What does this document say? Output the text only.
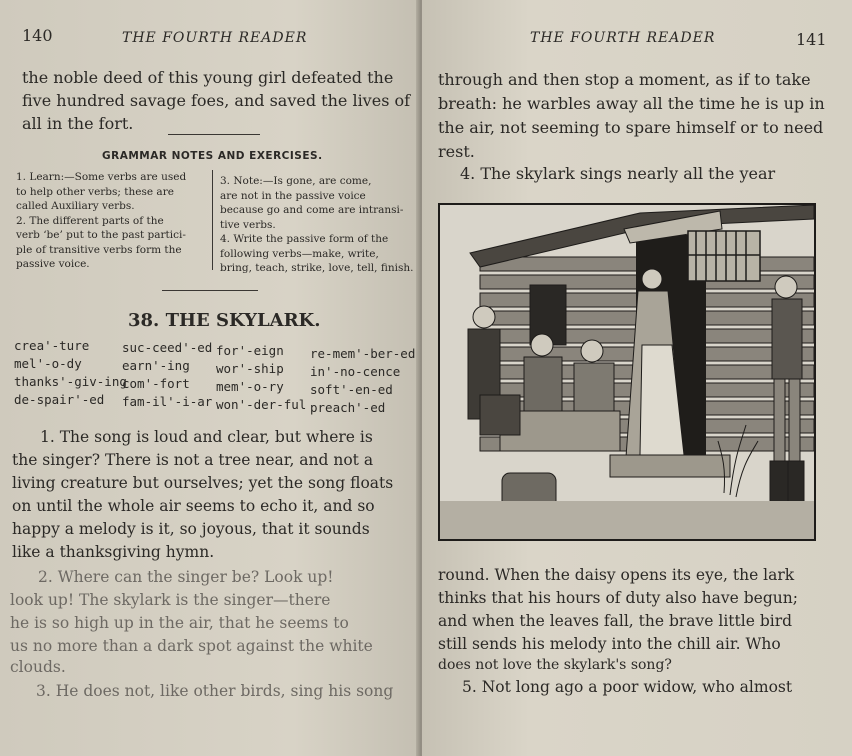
140	THE FOURTH READER
the noble deed of this young girl defeated the
five hundred savage foes, and saved the lives of
all in the fort.
GRAMMAR NOTES AND EXERCISES.
1. Learn:—Some verbs are used
to help other verbs; these are
called Auxiliary verbs.
2. The different parts of the
verb ‘be’ put to the past partici-
ple of transitive verbs form the
passive voice.
3. Note:—Is gone, are come,
are not in the passive voice
because go and come are intransi-
tive verbs.
4. Write the passive form of the
following verbs—make, write,
bring, teach, strike, love, tell, finish.
38. THE SKYLARK.
crea'-ture
mel'-o-dy
thanks'-giv-ing
de-spair'-ed
suc-ceed'-ed
earn'-ing
com'-fort
fam-il'-i-ar
for'-eign
wor'-ship
mem'-o-ry
won'-der-ful
re-mem'-ber-ed
in'-no-cence
soft'-en-ed
preach'-ed
1. The song is loud and clear, but where is
the singer? There is not a tree near, and not a
living creature but ourselves; yet the song floats
on until the whole air seems to echo it, and so
happy a melody is it, so joyous, that it sounds
like a thanksgiving hymn.
2. Where can the singer be? Look up!
look up! The skylark is the singer—there
he is so high up in the air, that he seems to
us no more than a dark spot against the white
clouds.
3. He does not, like other birds, sing his song
THE FOURTH READER	141
through and then stop a moment, as if to take
breath: he warbles away all the time he is up in
the air, not seeming to spare himself or to need
rest.
4. The skylark sings nearly all the year
round. When the daisy opens its eye, the lark
thinks that his hours of duty also have begun;
and when the leaves fall, the brave little bird
still sends his melody into the chill air. Who
does not love the skylark's song?
5. Not long ago a poor widow, who almost
